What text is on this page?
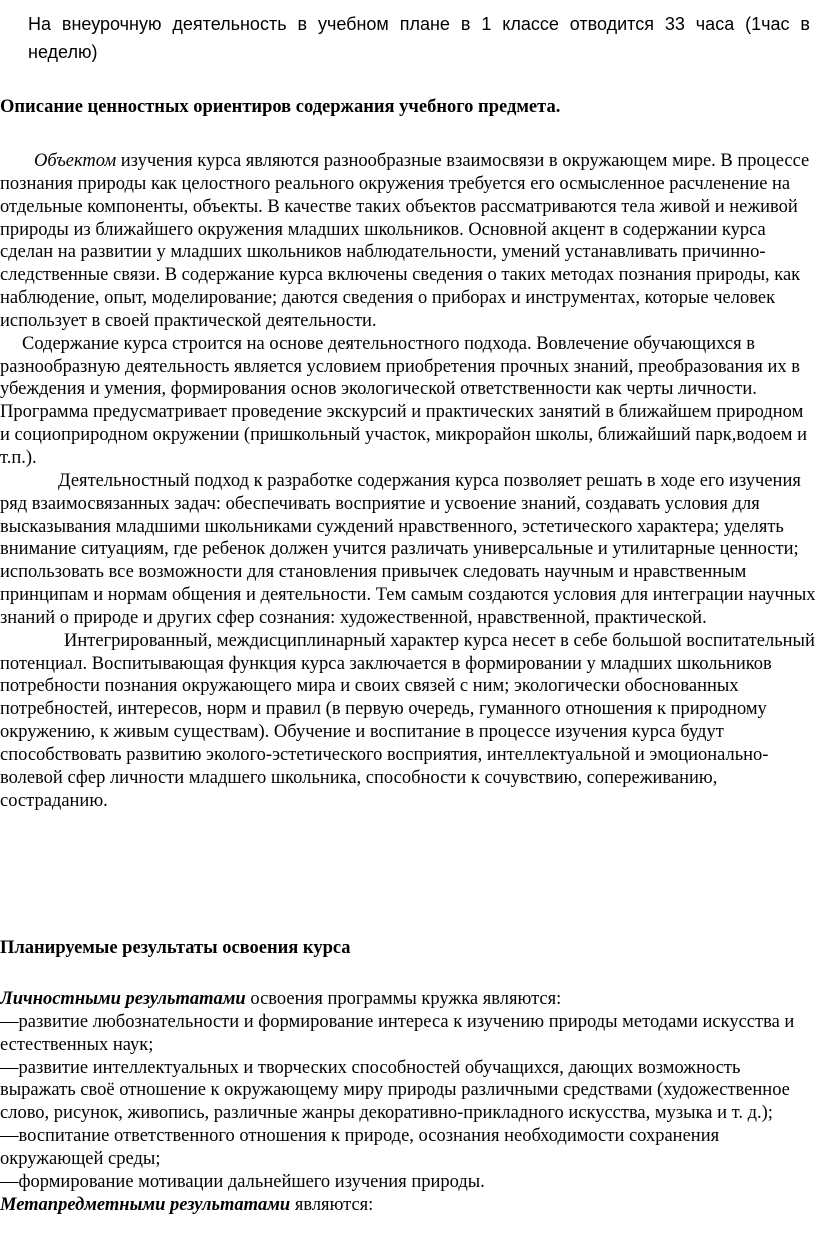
На внеурочную деятельность в учебном плане в 1 классе отводится 33 часа (1час в неделю)

Описание ценностных ориентиров содержания учебного предмета.

Объектом изучения курса являются разнообразные взаимосвязи в окружающем мире. В процессе познания природы как целостного реального окружения требуется его осмысленное расчленение на отдельные компоненты, объекты. В качестве таких объектов рассматриваются тела живой и неживой природы из ближайшего окружения младших школьников. Основной акцент в содержании курса сделан на развитии у младших школьников наблюдательности, умений устанавливать причинно- следственные связи. В содержание курса включены сведения о таких методах познания природы, как наблюдение, опыт, моделирование; даются сведения о приборах и инструментах, которые человек использует в своей практической деятельности.

Содержание курса строится на основе деятельностного подхода. Вовлечение обучающихся в разнообразную деятельность является условием приобретения прочных знаний, преобразования их в убеждения и умения, формирования основ экологической ответственности как черты личности. Программа предусматривает проведение экскурсий и практических занятий в ближайшем природном и социоприродном окружении (пришкольный участок, микрорайон школы, ближайший парк,водоем и т.п.).

Деятельностный подход к разработке содержания курса позволяет решать в ходе его изучения ряд взаимосвязанных задач: обеспечивать восприятие и усвоение знаний, создавать условия для высказывания младшими школьниками суждений нравственного, эстетического характера; уделять внимание ситуациям, где ребенок должен учится различать универсальные и утилитарные ценности; использовать все возможности для становления привычек следовать научным и нравственным

принципам и нормам общения и деятельности. Тем самым создаются условия для интеграции научных знаний о природе и других сфер сознания: художественной, нравственной, практической.

Интегрированный, междисциплинарный характер курса несет в себе большой воспитательный потенциал. Воспитывающая функция курса заключается в формировании у младших школьников потребности познания окружающего мира и своих связей с ним; экологически обоснованных потребностей, интересов, норм и правил (в первую очередь, гуманного отношения к природному окружению, к живым существам). Обучение и воспитание в процессе изучения курса будут способствовать развитию эколого-эстетического восприятия, интеллектуальной и эмоционально-волевой сфер личности младшего школьника, способности к сочувствию, сопереживанию, состраданию.

Планируемые результаты освоения курса

Личностными результатами освоения программы кружка являются:

—развитие любознательности и формирование интереса к изучению природы методами искусства и естественных наук;

—развитие интеллектуальных и творческих способностей обучащихся, дающих возможность выражать своё отношение к окружающему миру природы различными средствами (художественное слово, рисунок, живопись, различные жанры декоративно-прикладного искусства, музыка и т. д.);

—воспитание ответственного отношения к природе, осознания необходимости сохранения окружающей среды;

—формирование мотивации дальнейшего изучения природы.

Метапредметными результатами являются:
